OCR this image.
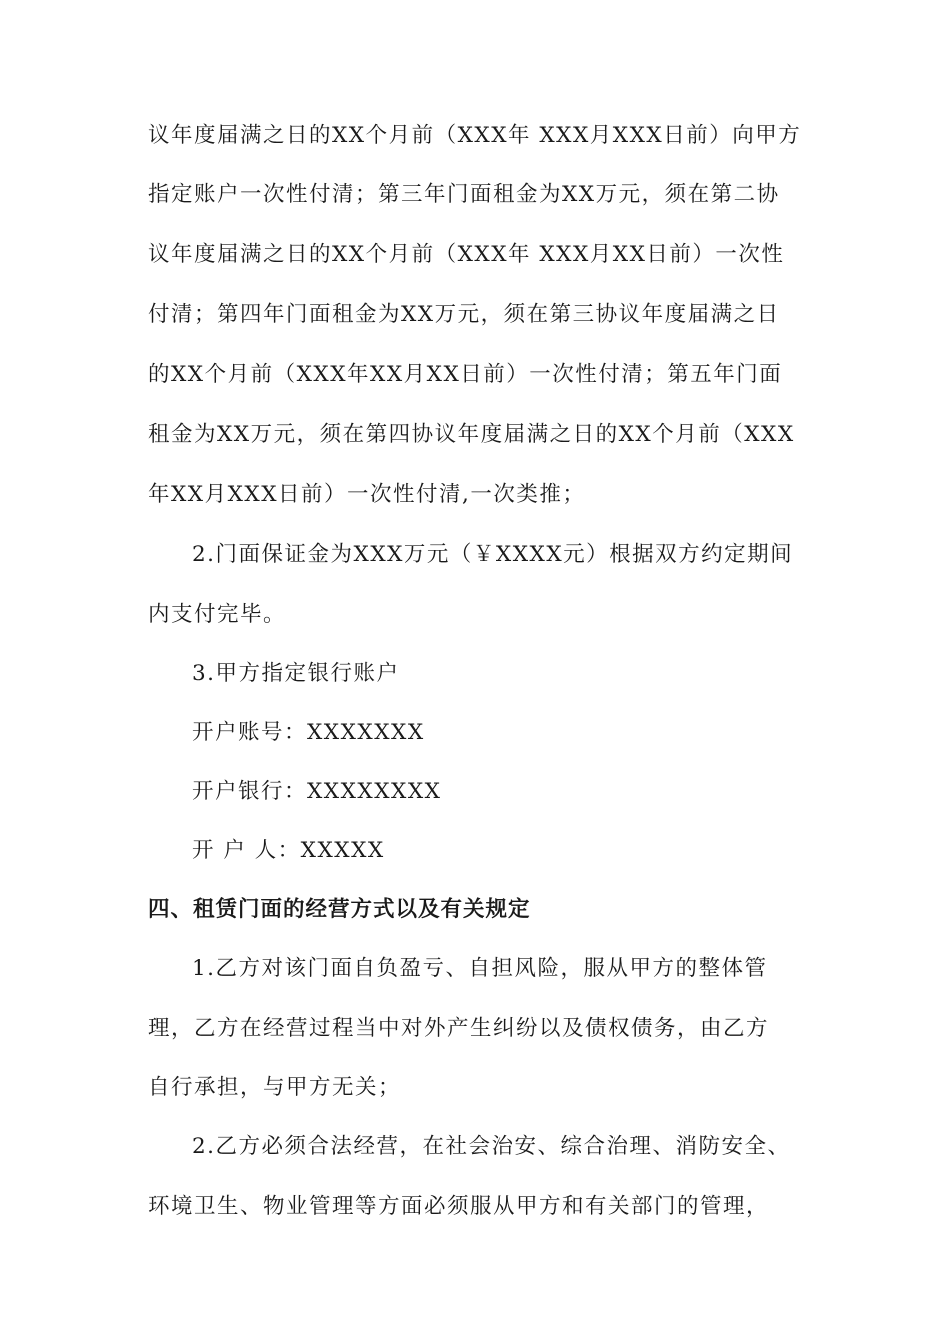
议年度届满之日的XX个月前（XXX年 XXX月XXX日前）向甲方
指定账户一次性付清；第三年门面租金为XX万元，须在第二协
议年度届满之日的XX个月前（XXX年 XXX月XX日前）一次性
付清；第四年门面租金为XX万元，须在第三协议年度届满之日
的XX个月前（XXX年XX月XX日前）一次性付清；第五年门面
租金为XX万元，须在第四协议年度届满之日的XX个月前（XXX
年XX月XXX日前）一次性付清,一次类推；
2.门面保证金为XXX万元（￥XXXX元）根据双方约定期间
内支付完毕。
3.甲方指定银行账户
开户账号：XXXXXXX
开户银行：XXXXXXXX
开 户 人：XXXXX
四、租赁门面的经营方式以及有关规定
1.乙方对该门面自负盈亏、自担风险，服从甲方的整体管
理，乙方在经营过程当中对外产生纠纷以及债权债务，由乙方
自行承担，与甲方无关；
2.乙方必须合法经营，在社会治安、综合治理、消防安全、
环境卫生、物业管理等方面必须服从甲方和有关部门的管理，
